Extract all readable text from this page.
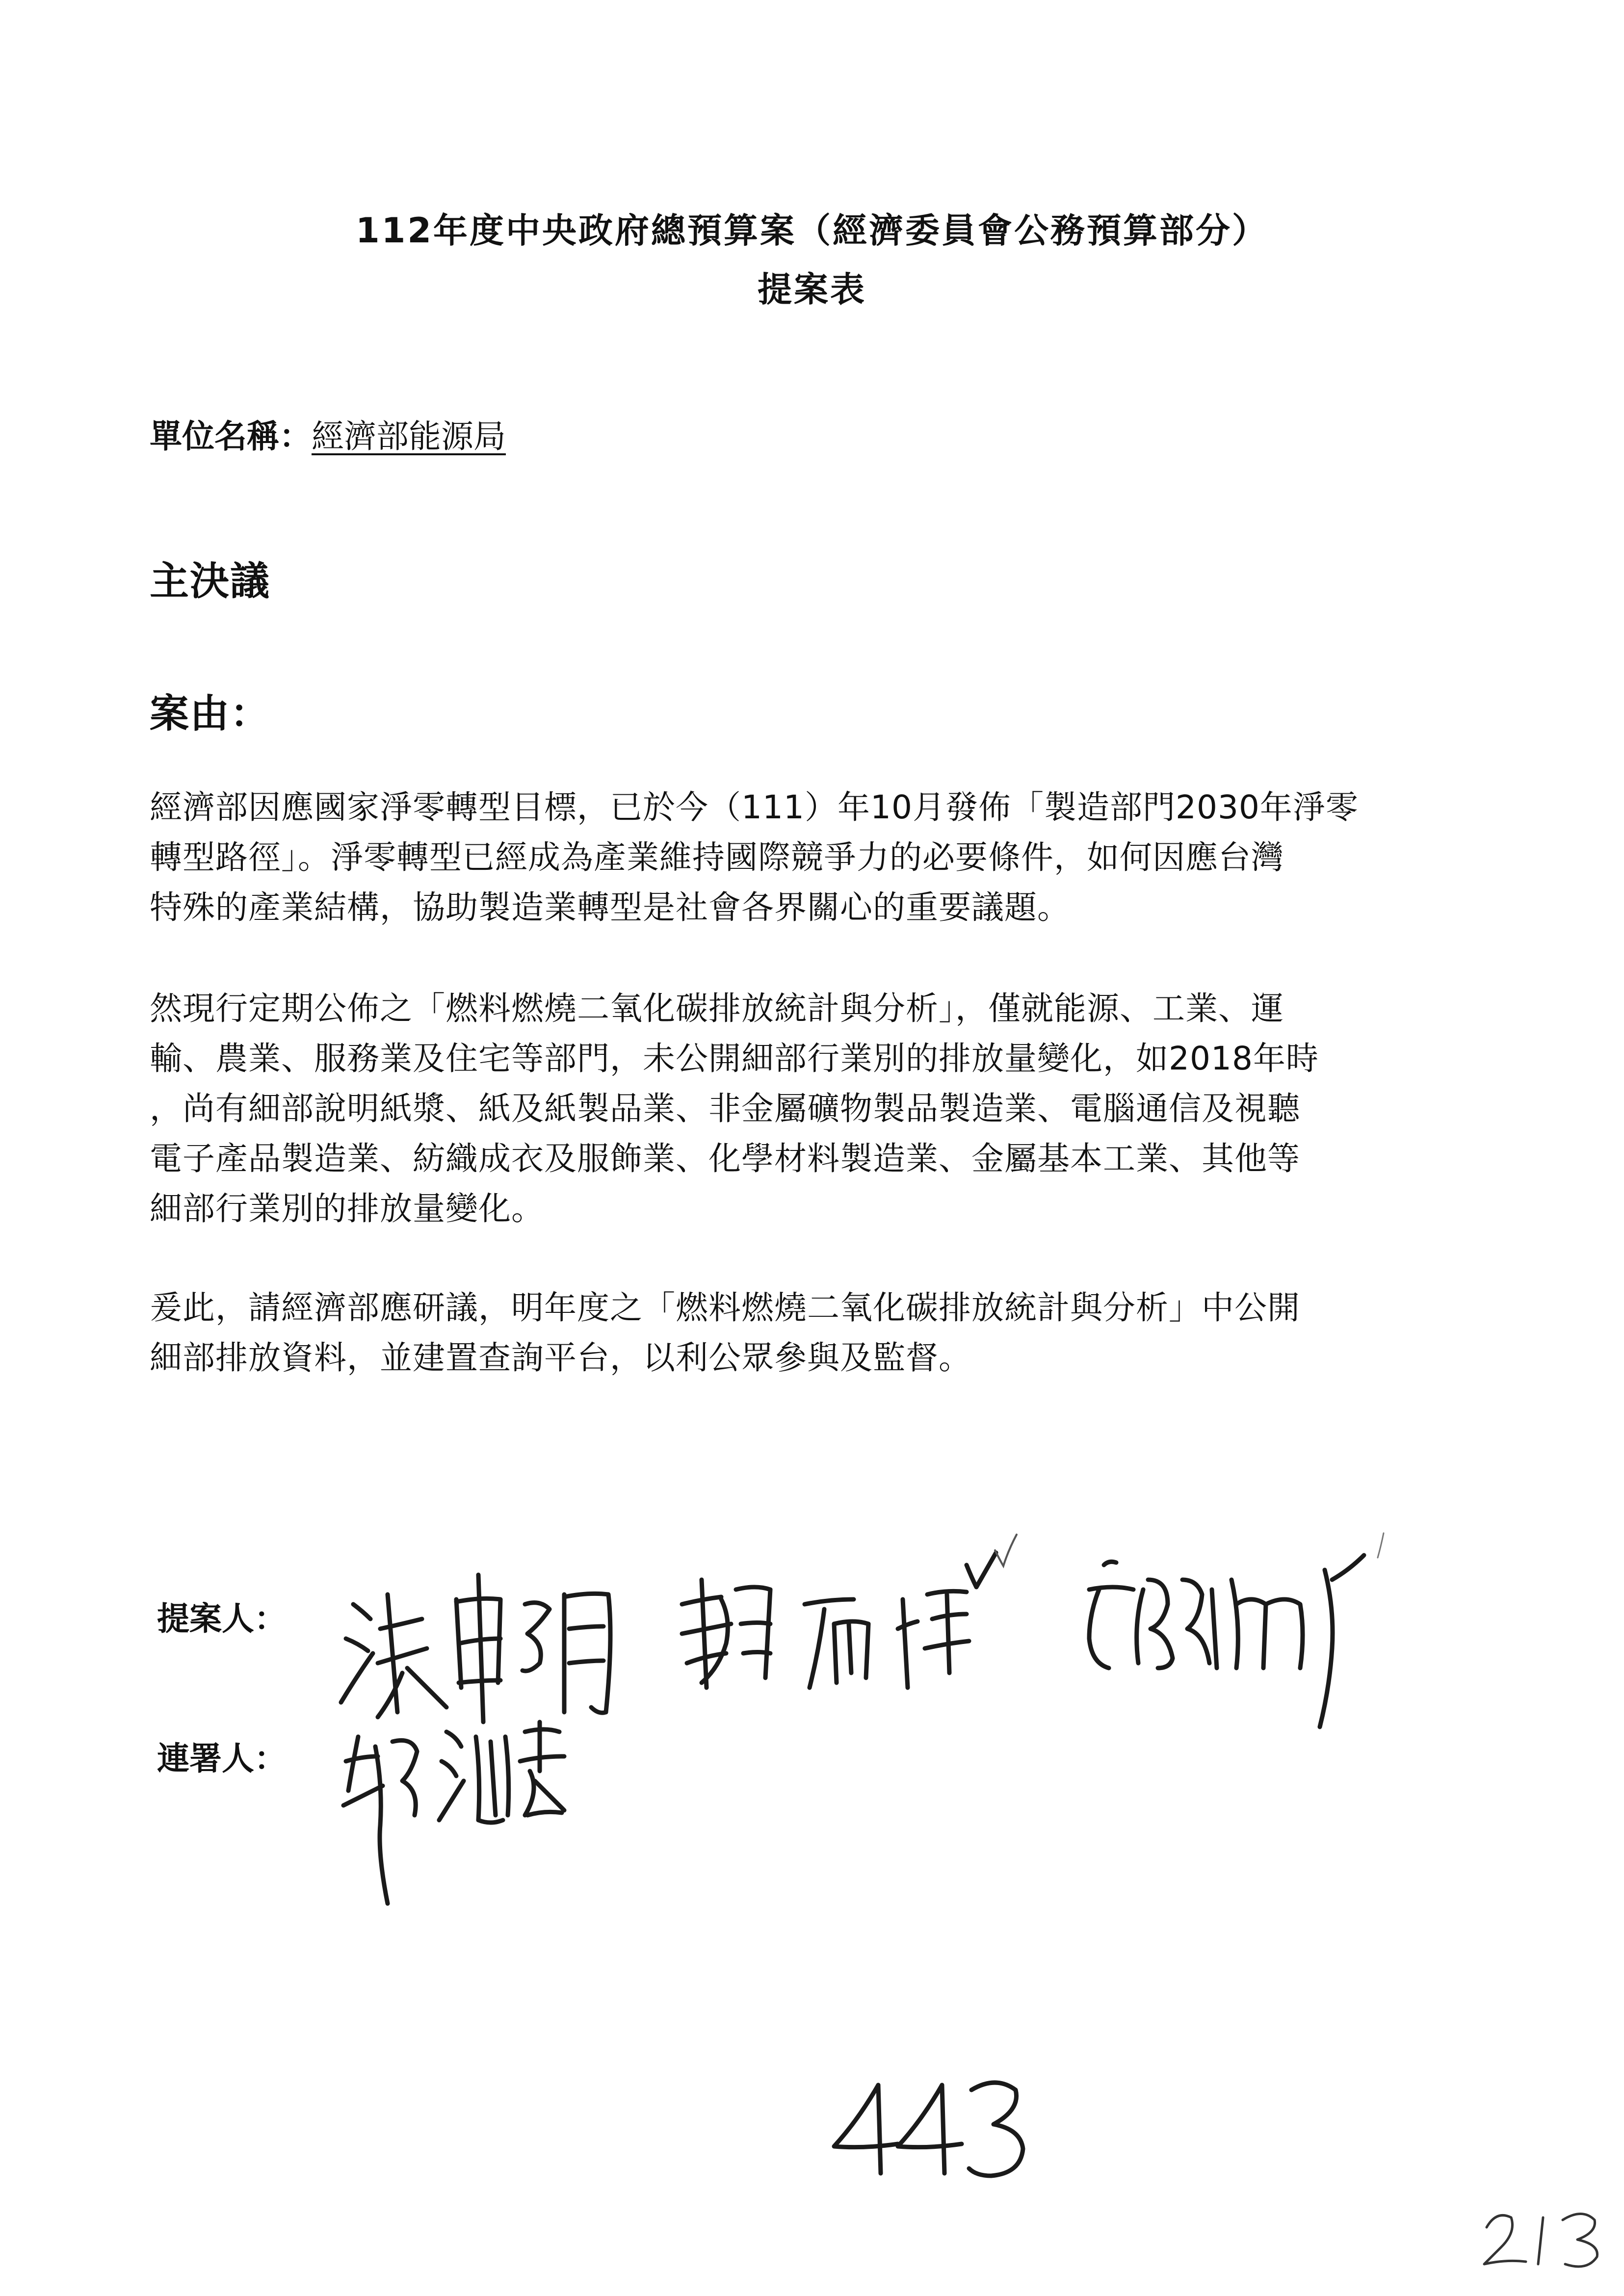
112年度中央政府總預算案（經濟委員會公務預算部分）
提案表
單位名稱：經濟部能源局
主決議
案由：
經濟部因應國家淨零轉型目標，已於今（111）年10月發佈「製造部門2030年淨零
轉型路徑」。淨零轉型已經成為產業維持國際競爭力的必要條件，如何因應台灣
特殊的產業結構，協助製造業轉型是社會各界關心的重要議題。
然現行定期公佈之「燃料燃燒二氧化碳排放統計與分析」，僅就能源、工業、運
輸、農業、服務業及住宅等部門，未公開細部行業別的排放量變化，如2018年時
，尚有細部說明紙漿、紙及紙製品業、非金屬礦物製品製造業、電腦通信及視聽
電子產品製造業、紡織成衣及服飾業、化學材料製造業、金屬基本工業、其他等
細部行業別的排放量變化。
爰此，請經濟部應研議，明年度之「燃料燃燒二氧化碳排放統計與分析」中公開
細部排放資料，並建置查詢平台，以利公眾參與及監督。
提案人：
連署人：
